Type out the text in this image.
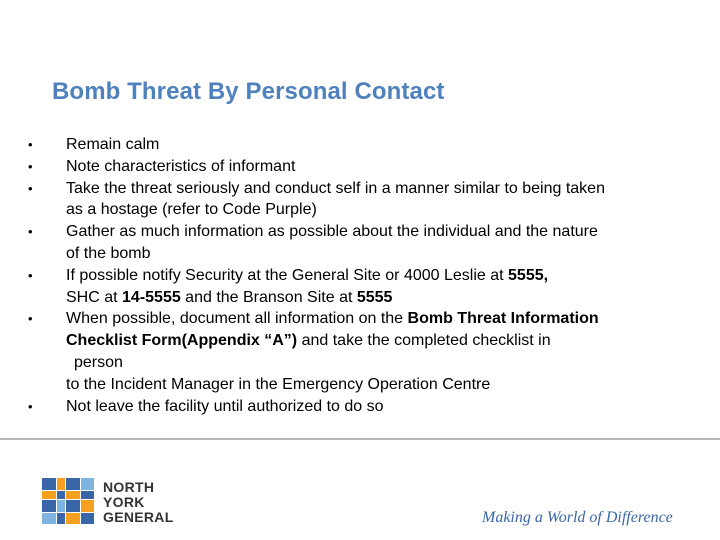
Bomb Threat By Personal Contact
•	Remain calm
•	Note characteristics of informant
•	Take the threat seriously and conduct self in a manner similar to being taken
as a hostage (refer to Code Purple)
•	Gather as much information as possible about the individual and the nature
of the bomb
•	If possible notify Security at the General Site or 4000 Leslie at 5555,
SHC at 14-5555 and the Branson Site at 5555
•	When possible, document all information on the Bomb Threat Information
Checklist Form(Appendix “A”) and take the completed checklist in
person
to the Incident Manager in the Emergency Operation Centre
•	Not leave the facility until authorized to do so
NORTH
YORK
GENERAL	Making a World of Difference
